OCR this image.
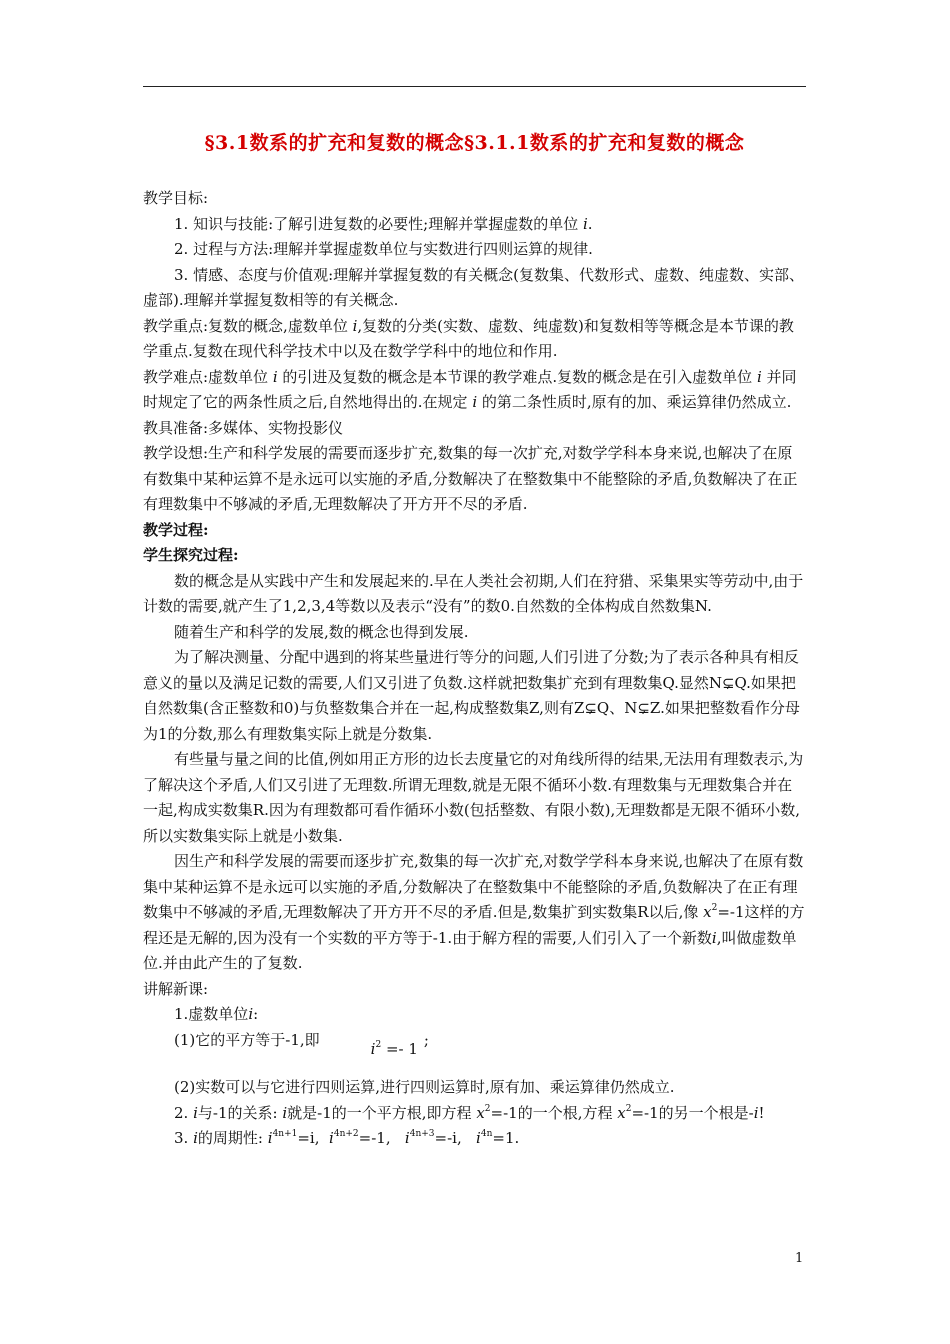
§3.1数系的扩充和复数的概念§3.1.1数系的扩充和复数的概念

教学目标:

1. 知识与技能:了解引进复数的必要性;理解并掌握虚数的单位 i.

2. 过程与方法:理解并掌握虚数单位与实数进行四则运算的规律.

3. 情感、态度与价值观:理解并掌握复数的有关概念(复数集、代数形式、虚数、纯虚数、实部、虚部).理解并掌握复数相等的有关概念.

教学重点:复数的概念,虚数单位 i,复数的分类(实数、虚数、纯虚数)和复数相等等概念是本节课的教学重点.复数在现代科学技术中以及在数学学科中的地位和作用.

教学难点:虚数单位 i 的引进及复数的概念是本节课的教学难点.复数的概念是在引入虚数单位 i 并同时规定了它的两条性质之后,自然地得出的.在规定 i 的第二条性质时,原有的加、乘运算律仍然成立.

教具准备:多媒体、实物投影仪

教学设想:生产和科学发展的需要而逐步扩充,数集的每一次扩充,对数学学科本身来说,也解决了在原有数集中某种运算不是永远可以实施的矛盾,分数解决了在整数集中不能整除的矛盾,负数解决了在正有理数集中不够减的矛盾,无理数解决了开方开不尽的矛盾.

教学过程:

学生探究过程:

数的概念是从实践中产生和发展起来的.早在人类社会初期,人们在狩猎、采集果实等劳动中,由于计数的需要,就产生了1,2,3,4等数以及表示“没有”的数0.自然数的全体构成自然数集N.

随着生产和科学的发展,数的概念也得到发展.

为了解决测量、分配中遇到的将某些量进行等分的问题,人们引进了分数;为了表示各种具有相反意义的量以及满足记数的需要,人们又引进了负数.这样就把数集扩充到有理数集Q.显然N⊊Q.如果把自然数集(含正整数和0)与负整数集合并在一起,构成整数集Z,则有Z⊊Q、N⊊Z.如果把整数看作分母为1的分数,那么有理数集实际上就是分数集.

有些量与量之间的比值,例如用正方形的边长去度量它的对角线所得的结果,无法用有理数表示,为了解决这个矛盾,人们又引进了无理数.所谓无理数,就是无限不循环小数.有理数集与无理数集合并在一起,构成实数集R.因为有理数都可看作循环小数(包括整数、有限小数),无理数都是无限不循环小数,所以实数集实际上就是小数集.

因生产和科学发展的需要而逐步扩充,数集的每一次扩充,对数学学科本身来说,也解决了在原有数集中某种运算不是永远可以实施的矛盾,分数解决了在整数集中不能整除的矛盾,负数解决了在正有理数集中不够减的矛盾,无理数解决了开方开不尽的矛盾.但是,数集扩到实数集R以后,像 $x^2=-1$这样的方程还是无解的,因为没有一个实数的平方等于-1.由于解方程的需要,人们引入了一个新数i,叫做虚数单位.并由此产生的了复数.

讲解新课:

1.虚数单位i:

(1)它的平方等于-1,即	$i^2 =- 1$ ;

(2)实数可以与它进行四则运算,进行四则运算时,原有加、乘运算律仍然成立.

2. i与-1的关系: i就是-1的一个平方根,即方程 $x^2=-1$的一个根,方程 $x^2=-1$的另一个根是-i!

3. i的周期性: $i^{4n+1}=i$, $i^{4n+2}=-1$, $i^{4n+3}=-i$, $i^{4n}=1$.

1
